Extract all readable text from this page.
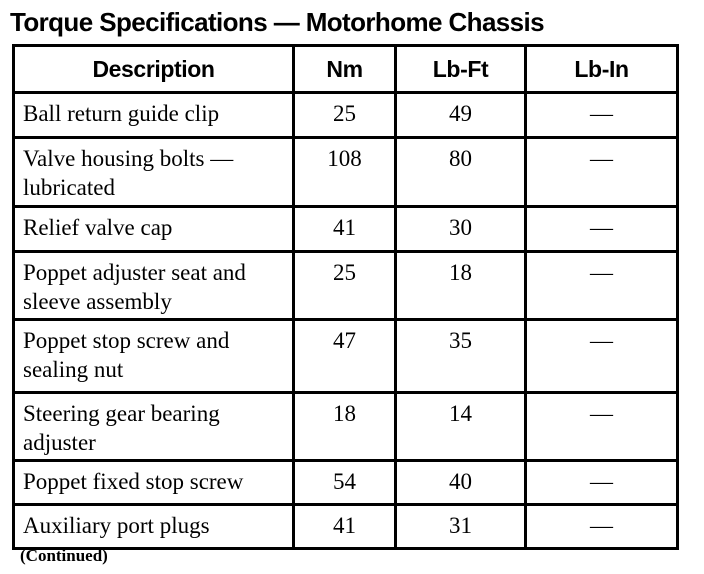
Torque Specifications — Motorhome Chassis
Description	Nm	Lb-Ft	Lb-In
Ball return guide clip	25	49	—
Valve housing bolts — lubricated	108	80	—
Relief valve cap	41	30	—
Poppet adjuster seat and sleeve assembly	25	18	—
Poppet stop screw and sealing nut	47	35	—
Steering gear bearing adjuster	18	14	—
Poppet fixed stop screw	54	40	—
Auxiliary port plugs	41	31	—
(Continued)
